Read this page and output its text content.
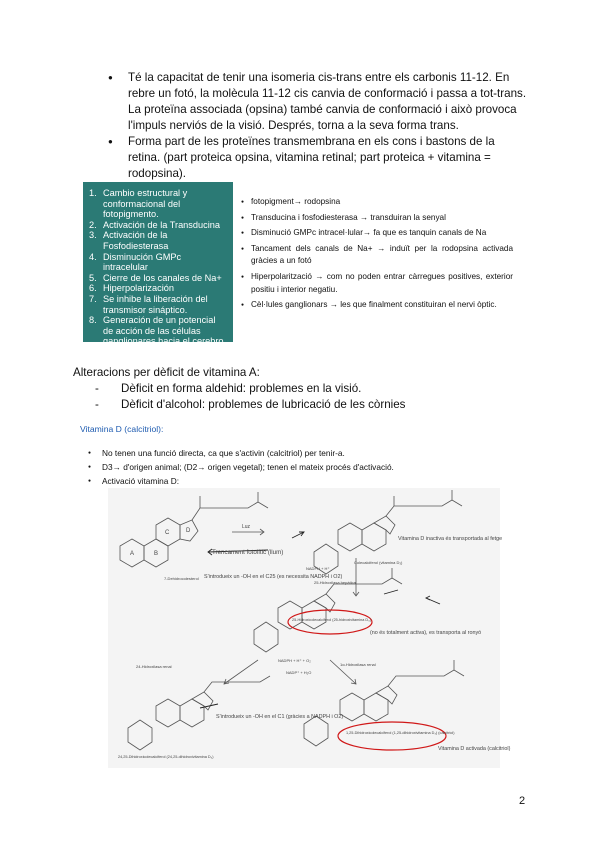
● Té la capacitat de tenir una isomeria cis-trans entre els carbonis 11-12. En rebre un fotó, la molècula 11-12 cis canvia de conformació i passa a tot-trans. La proteïna associada (opsina) també canvia de conformació i això provoca l'impuls nerviós de la visió. Després, torna a la seva forma trans.
● Forma part de les proteïnes transmembrana en els cons i bastons de la retina. (part proteica opsina, vitamina retinal; part proteica + vitamina = rodopsina).
1. Cambio estructural y conformacional del fotopigmento.
2. Activación de la Transducina
3. Activación de la Fosfodiesterasa
4. Disminución GMPc intracelular
5. Cierre de los canales de Na+
6. Hiperpolarización
7. Se inhibe la liberación del transmisor sináptico.
8. Generación de un potencial de acción de las células ganglionares hacia el cerebro.
● fotopigment→ rodopsina
● Transducina i fosfodiesterasa → transduiran la senyal
● Disminució GMPc intracel·lular→ fa que es tanquin canals de Na
● Tancament dels canals de Na+ → induït per la rodopsina activada gràcies a un fotó
● Hiperpolarització → com no poden entrar càrregues positives, exterior positiu i interior negatiu.
● Cèl·lules ganglionars → les que finalment constituiran el nervi òptic.
Alteracions per dèficit de vitamina A:
- Dèficit en forma aldehid: problemes en la visió.
- Dèficit d'alcohol: problemes de lubricació de les còrnies
Vitamina D (calcitriol):
● No tenen una funció directa, ca que s'activin (calcitriol) per tenir-a.
● D3→ d'origen animal; (D2→ origen vegetal); tenen el mateix procés d'activació.
● Activació vitamina D:
A	B
C	D
Luz
7-Dehidrocolesterol
Colecalciferol (vitamina D₃)
Trencament fotolític (llum)
Vitamina D inactiva és transportada al fetge
S'introdueix un -OH en el C25 (es necessita NADPH i O2)
NADPH + H⁺
25-Hidroxilasa hepática
25-Hidroxicolecalciferol (25-hidroxivitamina D₃)
(no és totalment activa), es transporta al ronyó
24-Hidroxilasa renal
NADPH + H⁺ + O₂
1α-Hidroxilasa renal
NADP⁺ + H₂O
S'introdueix un -OH en el C1 (gràcies a NADPH i O2)
24,25-Dihidroxicolecalciferol (24,25-dihidroxivitamina D₃)
1,25-Dihidroxicolecalciferol (1,25-dihidroxivitamina D₃) (calcitriol)
Vitamina D activada (calcitriol)
2
